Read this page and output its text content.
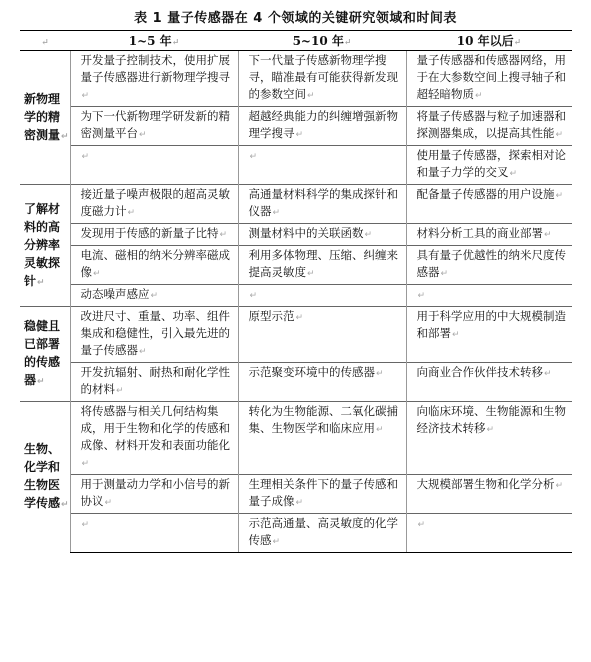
表 1 量子传感器在 4 个领域的关键研究领域和时间表
↵	1~5 年↵	5~10 年↵	10 年以后↵
新物理学的精密测量↵	开发量子控制技术，使用扩展量子传感器进行新物理学搜寻↵	下一代量子传感新物理学搜寻，瞄准最有可能获得新发现的参数空间↵	量子传感器和传感器网络，用于在大参数空间上搜寻轴子和超轻暗物质↵
	为下一代新物理学研发新的精密测量平台↵	超越经典能力的纠缠增强新物理学搜寻↵	将量子传感器与粒子加速器和探测器集成，以提高其性能↵
	↵	↵	使用量子传感器，探索相对论和量子力学的交叉↵
了解材料的高分辨率灵敏探针↵	接近量子噪声极限的超高灵敏度磁力计↵	高通量材料科学的集成探针和仪器↵	配备量子传感器的用户设施↵
	发现用于传感的新量子比特↵	测量材料中的关联函数↵	材料分析工具的商业部署↵
	电流、磁相的纳米分辨率磁成像↵	利用多体物理、压缩、纠缠来提高灵敏度↵	具有量子优越性的纳米尺度传感器↵
	动态噪声感应↵	↵	↵
稳健且已部署的传感器↵	改进尺寸、重量、功率、组件集成和稳健性，引入最先进的量子传感器↵	原型示范↵	用于科学应用的中大规模制造和部署↵
	开发抗辐射、耐热和耐化学性的材料↵	示范聚变环境中的传感器↵	向商业合作伙伴技术转移↵
生物、化学和生物医学传感↵	将传感器与相关几何结构集成，用于生物和化学的传感和成像、材料开发和表面功能化↵	转化为生物能源、二氧化碳捕集、生物医学和临床应用↵	向临床环境、生物能源和生物经济技术转移↵
	用于测量动力学和小信号的新协议↵	生理相关条件下的量子传感和量子成像↵	大规模部署生物和化学分析↵
	↵	示范高通量、高灵敏度的化学传感↵	↵
